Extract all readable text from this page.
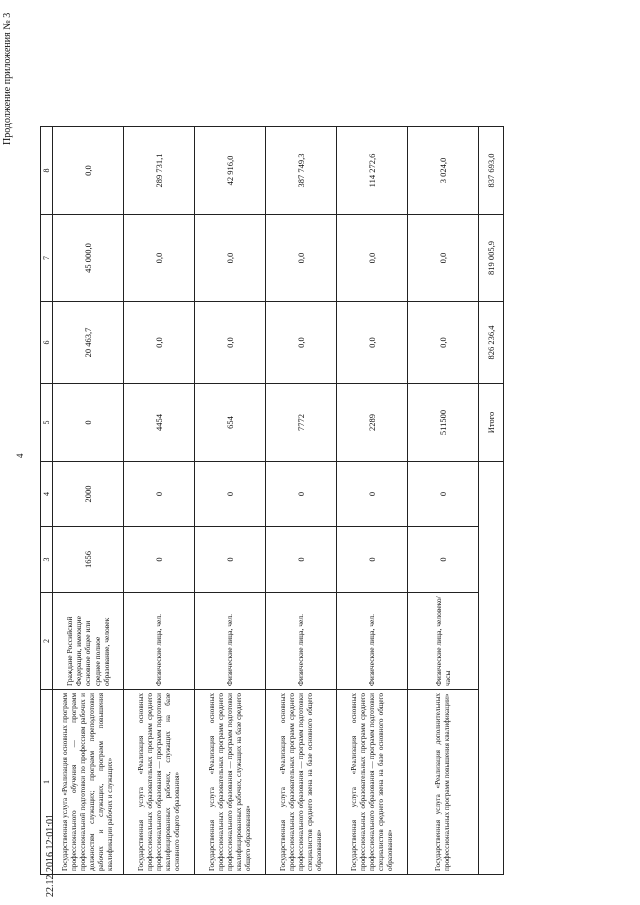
4
Продолжение приложения № 3
22.12.2016 12:01:01
1	2	3	4	5	6	7	8
Государственная услуга «Реализация основных программ профессионального обучения — программ профессиональной подготовки по профессиям рабочих и должностям служащих; программ переподготовки рабочих и служащих, программ повышения квалификации рабочих и служащих»	Граждане Российской Федерации, имеющие основное общее или среднее полное образование, человек	1656	2000	0	20 463,7	45 000,0	0,0
Государственная услуга «Реализация основных профессиональных образовательных программ среднего профессионального образования — программ подготовки квалифицированных рабочих, служащих на базе основного общего образования»	Физические лица, чел.	0	0	4454	0,0	0,0	289 731,1
Государственная услуга «Реализация основных профессиональных образовательных программ среднего профессионального образования — программ подготовки квалифицированных рабочих, служащих на базе среднего общего образования»	Физические лица, чел.	0	0	654	0,0	0,0	42 916,0
Государственная услуга «Реализация основных профессиональных образовательных программ среднего профессионального образования — программ подготовки специалистов среднего звена на базе основного общего образования»	Физические лица, чел.	0	0	7772	0,0	0,0	387 749,3
Государственная услуга «Реализация основных профессиональных образовательных программ среднего профессионального образования — программ подготовки специалистов среднего звена на базе основного общего образования»	Физические лица, чел.	0	0	2289	0,0	0,0	114 272,6
Государственная услуга «Реализация дополнительных профессиональных программ повышения квалификации»	Физические лица, человеко/часы	0	0	511500	0,0	0,0	3 024,0
				Итого	826 236,4	819 005,9	837 693,0
